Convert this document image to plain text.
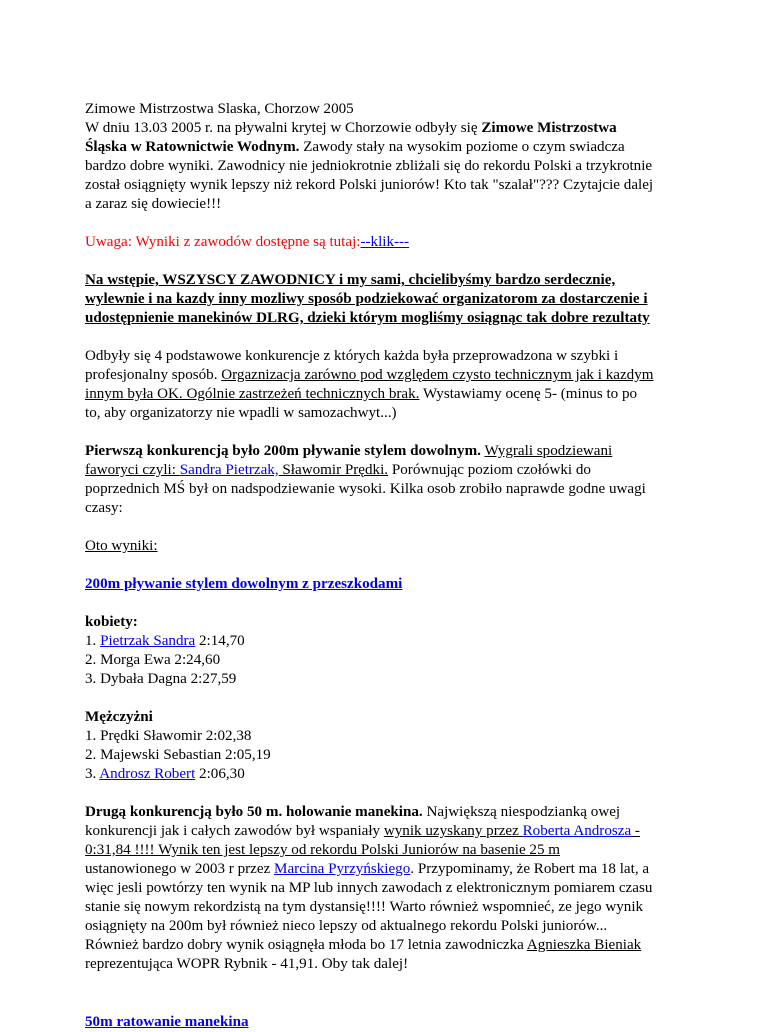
Zimowe Mistrzostwa Slaska, Chorzow 2005
W dniu 13.03 2005 r. na pływalni krytej w Chorzowie odbyły się Zimowe Mistrzostwa
Śląska w Ratownictwie Wodnym. Zawody stały na wysokim poziome o czym swiadcza
bardzo dobre wyniki. Zawodnicy nie jedniokrotnie zbliżali się do rekordu Polski a trzykrotnie
został osiągnięty wynik lepszy niż rekord Polski juniorów! Kto tak "szalał"??? Czytajcie dalej
a zaraz się dowiecie!!!

Uwaga: Wyniki z zawodów dostępne są tutaj:--klik---

Na wstępie, WSZYSCY ZAWODNICY i my sami, chcielibyśmy bardzo serdecznie,
wylewnie i na kazdy inny mozliwy sposób podziekować organizatorom za dostarczenie i
udostępnienie manekinów DLRG, dzieki którym mogliśmy osiągnąc tak dobre rezultaty

Odbyły się 4 podstawowe konkurencje z których każda była przeprowadzona w szybki i
profesjonalny sposób. Orgaznizacja zarówno pod względem czysto technicznym jak i kazdym
innym była OK. Ogólnie zastrzeżeń technicznych brak. Wystawiamy ocenę 5- (minus to po
to, aby organizatorzy nie wpadli w samozachwyt...)

Pierwszą konkurencją było 200m pływanie stylem dowolnym. Wygrali spodziewani
faworyci czyli: Sandra Pietrzak, Sławomir Prędki. Porównując poziom czołówki do
poprzednich MŚ był on nadspodziewanie wysoki. Kilka osob zrobiło naprawde godne uwagi
czasy:

Oto wyniki:

200m pływanie stylem dowolnym z przeszkodami

kobiety:
1. Pietrzak Sandra 2:14,70
2. Morga Ewa 2:24,60
3. Dybała Dagna 2:27,59

Mężczyżni
1. Prędki Sławomir 2:02,38
2. Majewski Sebastian 2:05,19
3. Androsz Robert 2:06,30

Drugą konkurencją było 50 m. holowanie manekina. Największą niespodzianką owej
konkurencji jak i całych zawodów był wspaniały wynik uzyskany przez Roberta Androsza -
0:31,84 !!!! Wynik ten jest lepszy od rekordu Polski Juniorów na basenie 25 m
ustanowionego w 2003 r przez Marcina Pyrzyńskiego. Przypominamy, że Robert ma 18 lat, a
więc jesli powtórzy ten wynik na MP lub innych zawodach z elektronicznym pomiarem czasu
stanie się nowym rekordzistą na tym dystansię!!!! Warto również wspomnieć, ze jego wynik
osiągnięty na 200m był również nieco lepszy od aktualnego rekordu Polski juniorów...
Również bardzo dobry wynik osiągnęła młoda bo 17 letnia zawodniczka Agnieszka Bieniak
reprezentująca WOPR Rybnik - 41,91. Oby tak dalej!

50m ratowanie manekina
